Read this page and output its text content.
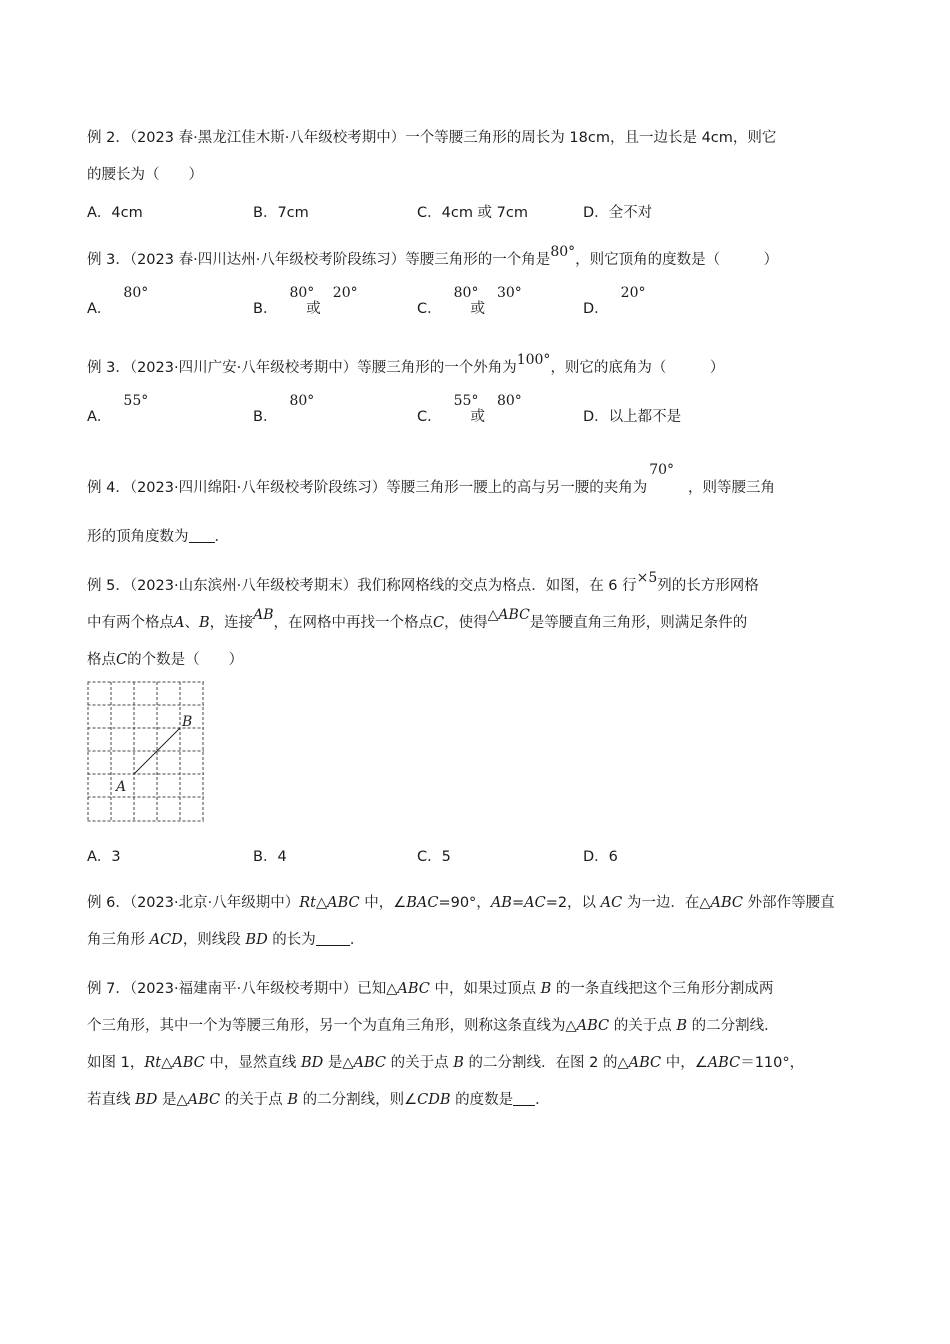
例 2．（2023 春·黑龙江佳木斯·八年级校考期中）一个等腰三角形的周长为 18cm，且一边长是 4cm，则它
的腰长为（　　）
A．4cm	B．7cm	C．4cm 或 7cm	D．全不对
例 3．（2023 春·四川达州·八年级校考阶段练习）等腰三角形的一个角是80°，则它顶角的度数是（　　　）
A．80°
B．80°或20°
C．80°或30°
D．20°
例 3．（2023·四川广安·八年级校考期中）等腰三角形的一个外角为100°，则它的底角为（　　　）
A．55°
B．80°
C．55°或80°
D．以上都不是
例 4．（2023·四川绵阳·八年级校考阶段练习）等腰三角形一腰上的高与另一腰的夹角为70°，则等腰三角
形的顶角度数为 ．
例 5．（2023·山东滨州·八年级校考期末）我们称网格线的交点为格点．如图，在 6 行×5列的长方形网格
中有两个格点A、B，连接AB，在网格中再找一个格点C，使得△ABC是等腰直角三角形，则满足条件的
格点C的个数是（　　）
A
B
A．3	B．4	C．5	D．6
例 6．（2023·北京·八年级期中）Rt△ABC 中，∠BAC=90°，AB=AC=2，以 AC 为一边．在△ABC 外部作等腰直
角三角形 ACD，则线段 BD 的长为 ．
例 7．（2023·福建南平·八年级校考期中）已知△ABC 中，如果过顶点 B 的一条直线把这个三角形分割成两
个三角形，其中一个为等腰三角形，另一个为直角三角形，则称这条直线为△ABC 的关于点 B 的二分割线．
如图 1，Rt△ABC 中，显然直线 BD 是△ABC 的关于点 B 的二分割线．在图 2 的△ABC 中，∠ABC＝110°，
若直线 BD 是△ABC 的关于点 B 的二分割线，则∠CDB 的度数是 ．
